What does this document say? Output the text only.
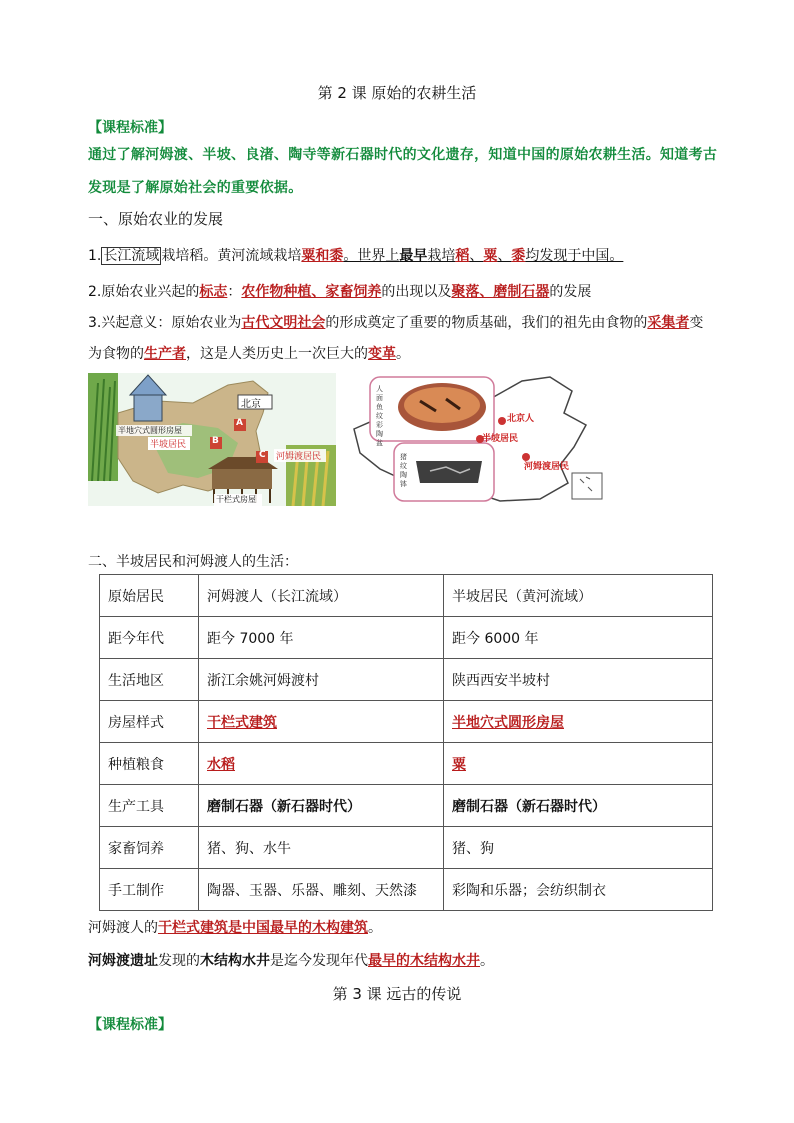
第 2 课 原始的农耕生活
【课程标准】
通过了解河姆渡、半坡、良渚、陶寺等新石器时代的文化遗存，知道中国的原始农耕生活。知道考古发现是了解原始社会的重要依据。
一、原始农业的发展
1. 长江流域 栽培稻。黄河流域栽培粟和黍。世界上最早栽培稻、粟、黍均发现于中国。
2.原始农业兴起的标志：农作物种植、家畜饲养的出现以及聚落、磨制石器的发展
3.兴起意义：原始农业为古代文明社会的形成奠定了重要的物质基础，我们的祖先由食物的采集者变
为食物的生产者，这是人类历史上一次巨大的变革。
北京
A
B
C
半地穴式圆形房屋
半坡居民
河姆渡居民
干栏式房屋
人面鱼纹彩陶盆
北京人
半坡居民
河姆渡居民
猪纹陶钵
二、半坡居民和河姆渡人的生活：
原始居民	河姆渡人（长江流域）	半坡居民（黄河流域）
距今年代	距今 7000 年	距今 6000 年
生活地区	浙江余姚河姆渡村	陕西西安半坡村
房屋样式	干栏式建筑	半地穴式圆形房屋
种植粮食	水稻	粟
生产工具	磨制石器（新石器时代）	磨制石器（新石器时代）
家畜饲养	猪、狗、水牛	猪、狗
手工制作	陶器、玉器、乐器、雕刻、天然漆	彩陶和乐器；会纺织制衣
河姆渡人的干栏式建筑是中国最早的木构建筑。
河姆渡遗址发现的木结构水井是迄今发现年代最早的木结构水井。
第 3 课 远古的传说
【课程标准】
